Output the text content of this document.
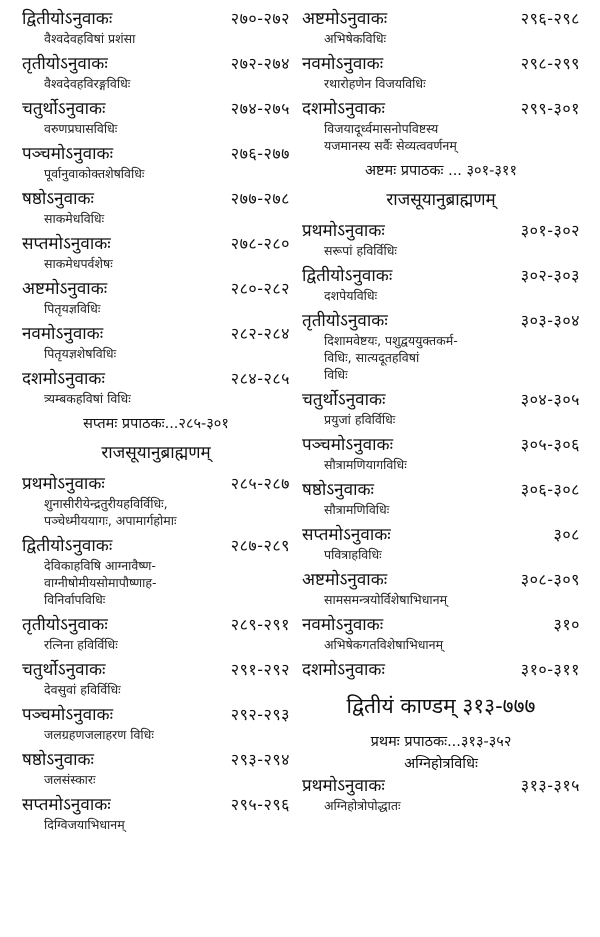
द्वितीयोऽनुवाकः	२७०-२७२
वैश्वदेवहविषां प्रशंसा
तृतीयोऽनुवाकः	२७२-२७४
वैश्वदेवहविरङ्गविधिः
चतुर्थोऽनुवाकः	२७४-२७५
वरुणप्रघासविधिः
पञ्चमोऽनुवाकः	२७६-२७७
पूर्वानुवाकोक्तशेषविधिः
षष्ठोऽनुवाकः	२७७-२७८
साकमेधविधिः
सप्तमोऽनुवाकः	२७८-२८०
साकमेधपर्वशेषः
अष्टमोऽनुवाकः	२८०-२८२
पितृयज्ञविधिः
नवमोऽनुवाकः	२८२-२८४
पितृयज्ञशेषविधिः
दशमोऽनुवाकः	२८४-२८५
त्र्यम्बकहविषां विधिः
सप्तमः प्रपाठकः...२८५-३०१
राजसूयानुब्राह्मणम्
प्रथमोऽनुवाकः	२८५-२८७
शुनासीरीयेन्द्रतुरीयहविर्विधिः,
पञ्चेध्मीययागः, अपामार्गहोमाः
द्वितीयोऽनुवाकः	२८७-२८९
देविकाहविषि आग्नावैष्ण-
वाग्नीषोमीयसोमापौष्णाह-
विनिर्वापविधिः
तृतीयोऽनुवाकः	२८९-२९१
रत्निना हविर्विधिः
चतुर्थोऽनुवाकः	२९१-२९२
देवसुवां हविर्विधिः
पञ्चमोऽनुवाकः	२९२-२९३
जलग्रहणजलाहरण विधिः
षष्ठोऽनुवाकः	२९३-२९४
जलसंस्कारः
सप्तमोऽनुवाकः	२९५-२९६
दिग्विजयाभिधानम्
अष्टमोऽनुवाकः	२९६-२९८
अभिषेकविधिः
नवमोऽनुवाकः	२९८-२९९
रथारोहणेन विजयविधिः
दशमोऽनुवाकः	२९९-३०१
विजयादूर्ध्वमासनोपविष्टस्य
यजमानस्य सर्वैः सेव्यत्ववर्णनम्
अष्टमः प्रपाठकः ... ३०१-३११
राजसूयानुब्राह्मणम्
प्रथमोऽनुवाकः	३०१-३०२
सरूपां हविर्विधिः
द्वितीयोऽनुवाकः	३०२-३०३
दशपेयविधिः
तृतीयोऽनुवाकः	३०३-३०४
दिशामवेष्टयः, पशुद्वययुक्तकर्म-
विधिः, सात्यदूतहविषां
विधिः
चतुर्थोऽनुवाकः	३०४-३०५
प्रयुजां हविर्विधिः
पञ्चमोऽनुवाकः	३०५-३०६
सौत्रामणियागविधिः
षष्ठोऽनुवाकः	३०६-३०८
सौत्रामणिविधिः
सप्तमोऽनुवाकः	३०८
पवित्राहविधिः
अष्टमोऽनुवाकः	३०८-३०९
सामसमन्त्रयोर्विशेषाभिधानम्
नवमोऽनुवाकः	३१०
अभिषेकगतविशेषाभिधानम्
दशमोऽनुवाकः	३१०-३११
द्वितीयं काण्डम् ३१३-७७७
प्रथमः प्रपाठकः...३१३-३५२
अग्निहोत्रविधिः
प्रथमोऽनुवाकः	३१३-३१५
अग्निहोत्रोपोद्धातः
